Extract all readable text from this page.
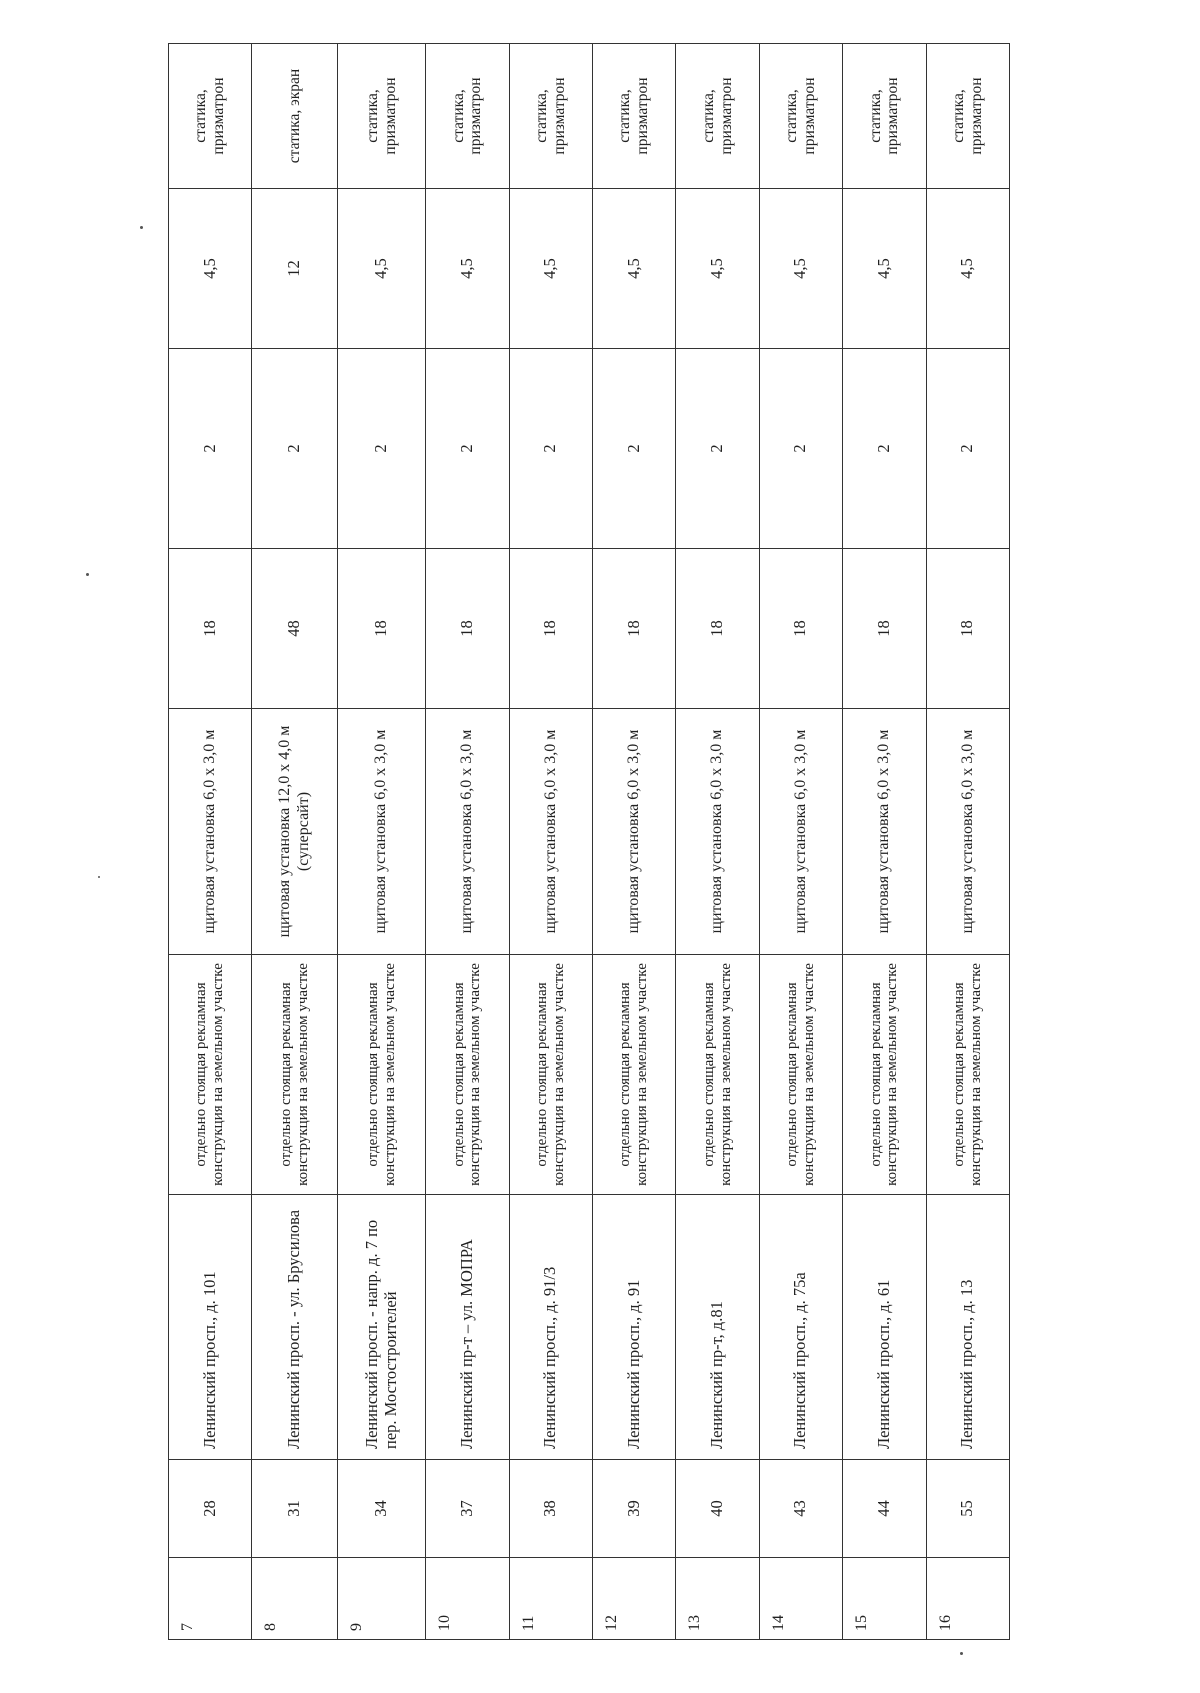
7	28	Ленинский просп., д. 101	отдельно стоящая рекламная конструкция на земельном участке	щитовая установка 6,0 х 3,0 м	18	2	4,5	статика, призматрон
8	31	Ленинский просп. - ул. Брусилова	отдельно стоящая рекламная конструкция на земельном участке	щитовая установка 12,0 х 4,0 м (суперсайт)	48	2	12	статика, экран
9	34	Ленинский просп. - напр. д. 7 по пер. Мостостроителей	отдельно стоящая рекламная конструкция на земельном участке	щитовая установка 6,0 х 3,0 м	18	2	4,5	статика, призматрон
10	37	Ленинский пр-т – ул. МОПРА	отдельно стоящая рекламная конструкция на земельном участке	щитовая установка 6,0 х 3,0 м	18	2	4,5	статика, призматрон
11	38	Ленинский просп., д. 91/3	отдельно стоящая рекламная конструкция на земельном участке	щитовая установка 6,0 х 3,0 м	18	2	4,5	статика, призматрон
12	39	Ленинский просп., д. 91	отдельно стоящая рекламная конструкция на земельном участке	щитовая установка 6,0 х 3,0 м	18	2	4,5	статика, призматрон
13	40	Ленинский пр-т, д.81	отдельно стоящая рекламная конструкция на земельном участке	щитовая установка 6,0 х 3,0 м	18	2	4,5	статика, призматрон
14	43	Ленинский просп., д. 75а	отдельно стоящая рекламная конструкция на земельном участке	щитовая установка 6,0 х 3,0 м	18	2	4,5	статика, призматрон
15	44	Ленинский просп., д. 61	отдельно стоящая рекламная конструкция на земельном участке	щитовая установка 6,0 х 3,0 м	18	2	4,5	статика, призматрон
16	55	Ленинский просп., д. 13	отдельно стоящая рекламная конструкция на земельном участке	щитовая установка 6,0 х 3,0 м	18	2	4,5	статика, призматрон
